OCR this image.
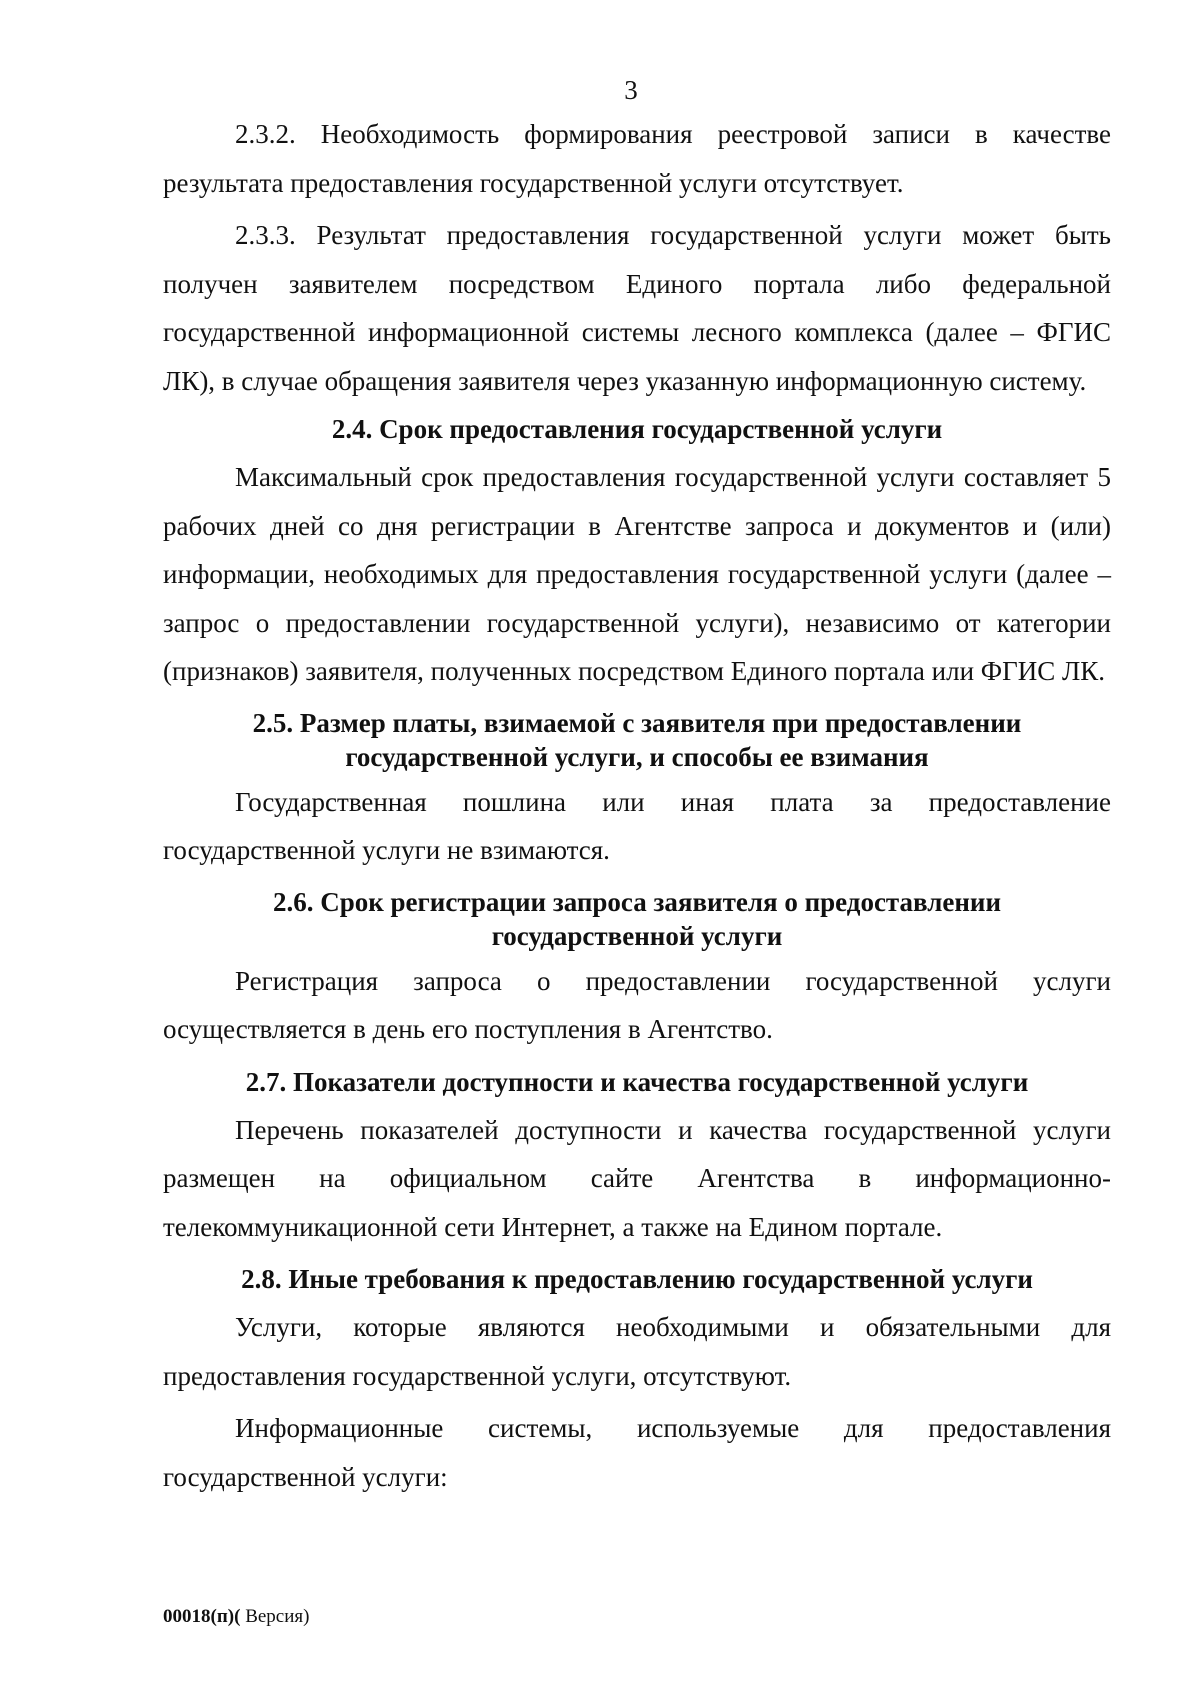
3

2.3.2. Необходимость формирования реестровой записи в качестве результата предоставления государственной услуги отсутствует.

2.3.3. Результат предоставления государственной услуги может быть получен заявителем посредством Единого портала либо федеральной государственной информационной системы лесного комплекса (далее – ФГИС ЛК), в случае обращения заявителя через указанную информационную систему.

2.4. Срок предоставления государственной услуги

Максимальный срок предоставления государственной услуги составляет 5 рабочих дней со дня регистрации в Агентстве запроса и документов и (или) информации, необходимых для предоставления государственной услуги (далее – запрос о предоставлении государственной услуги), независимо от категории (признаков) заявителя, полученных посредством Единого портала или ФГИС ЛК.

2.5. Размер платы, взимаемой с заявителя при предоставлении
государственной услуги, и способы ее взимания

Государственная пошлина или иная плата за предоставление государственной услуги не взимаются.

2.6. Срок регистрации запроса заявителя о предоставлении
государственной услуги

Регистрация запроса о предоставлении государственной услуги осуществляется в день его поступления в Агентство.

2.7. Показатели доступности и качества государственной услуги

Перечень показателей доступности и качества государственной услуги размещен на официальном сайте Агентства в информационно-телекоммуникационной сети Интернет, а также на Едином портале.

2.8. Иные требования к предоставлению государственной услуги

Услуги, которые являются необходимыми и обязательными для предоставления государственной услуги, отсутствуют.

Информационные системы, используемые для предоставления государственной услуги:

00018(п)( Версия)
